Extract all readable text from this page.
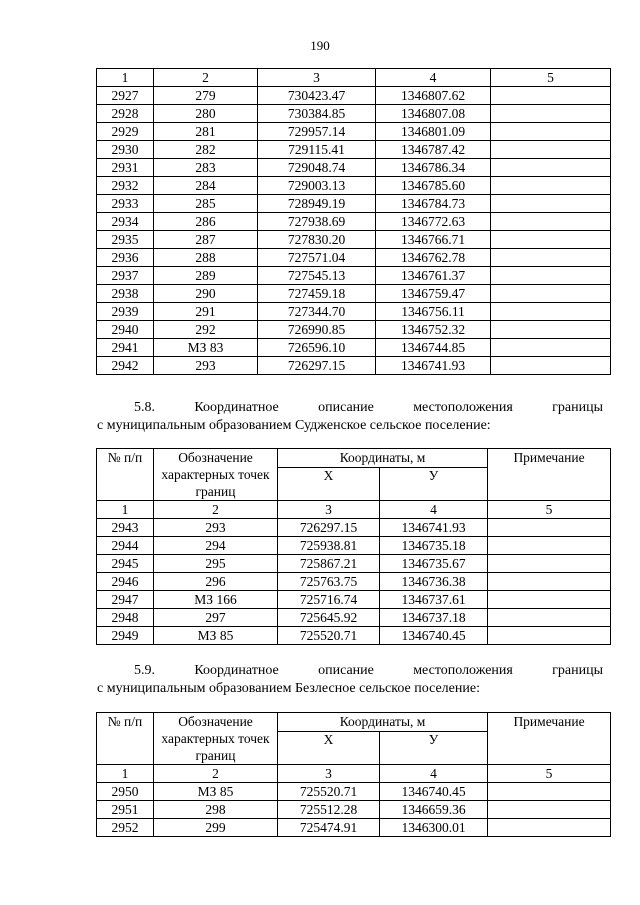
190
1	2	3	4	5
2927	279	730423.47	1346807.62	
2928	280	730384.85	1346807.08	
2929	281	729957.14	1346801.09	
2930	282	729115.41	1346787.42	
2931	283	729048.74	1346786.34	
2932	284	729003.13	1346785.60	
2933	285	728949.19	1346784.73	
2934	286	727938.69	1346772.63	
2935	287	727830.20	1346766.71	
2936	288	727571.04	1346762.78	
2937	289	727545.13	1346761.37	
2938	290	727459.18	1346759.47	
2939	291	727344.70	1346756.11	
2940	292	726990.85	1346752.32	
2941	МЗ 83	726596.10	1346744.85	
2942	293	726297.15	1346741.93	
5.8.	Координатное	описание	местоположения	границы
с муниципальным образованием Суджeнское сельское поселение:
№ п/п	Обозначение характерных точек границ	Координаты, м		Примечание
		Х	У	
1	2	3	4	5
2943	293	726297.15	1346741.93	
2944	294	725938.81	1346735.18	
2945	295	725867.21	1346735.67	
2946	296	725763.75	1346736.38	
2947	МЗ 166	725716.74	1346737.61	
2948	297	725645.92	1346737.18	
2949	МЗ 85	725520.71	1346740.45	
5.9.	Координатное	описание	местоположения	границы
с муниципальным образованием Безлесное сельское поселение:
№ п/п	Обозначение характерных точек границ	Координаты, м		Примечание
		Х	У	
1	2	3	4	5
2950	МЗ 85	725520.71	1346740.45	
2951	298	725512.28	1346659.36	
2952	299	725474.91	1346300.01	
